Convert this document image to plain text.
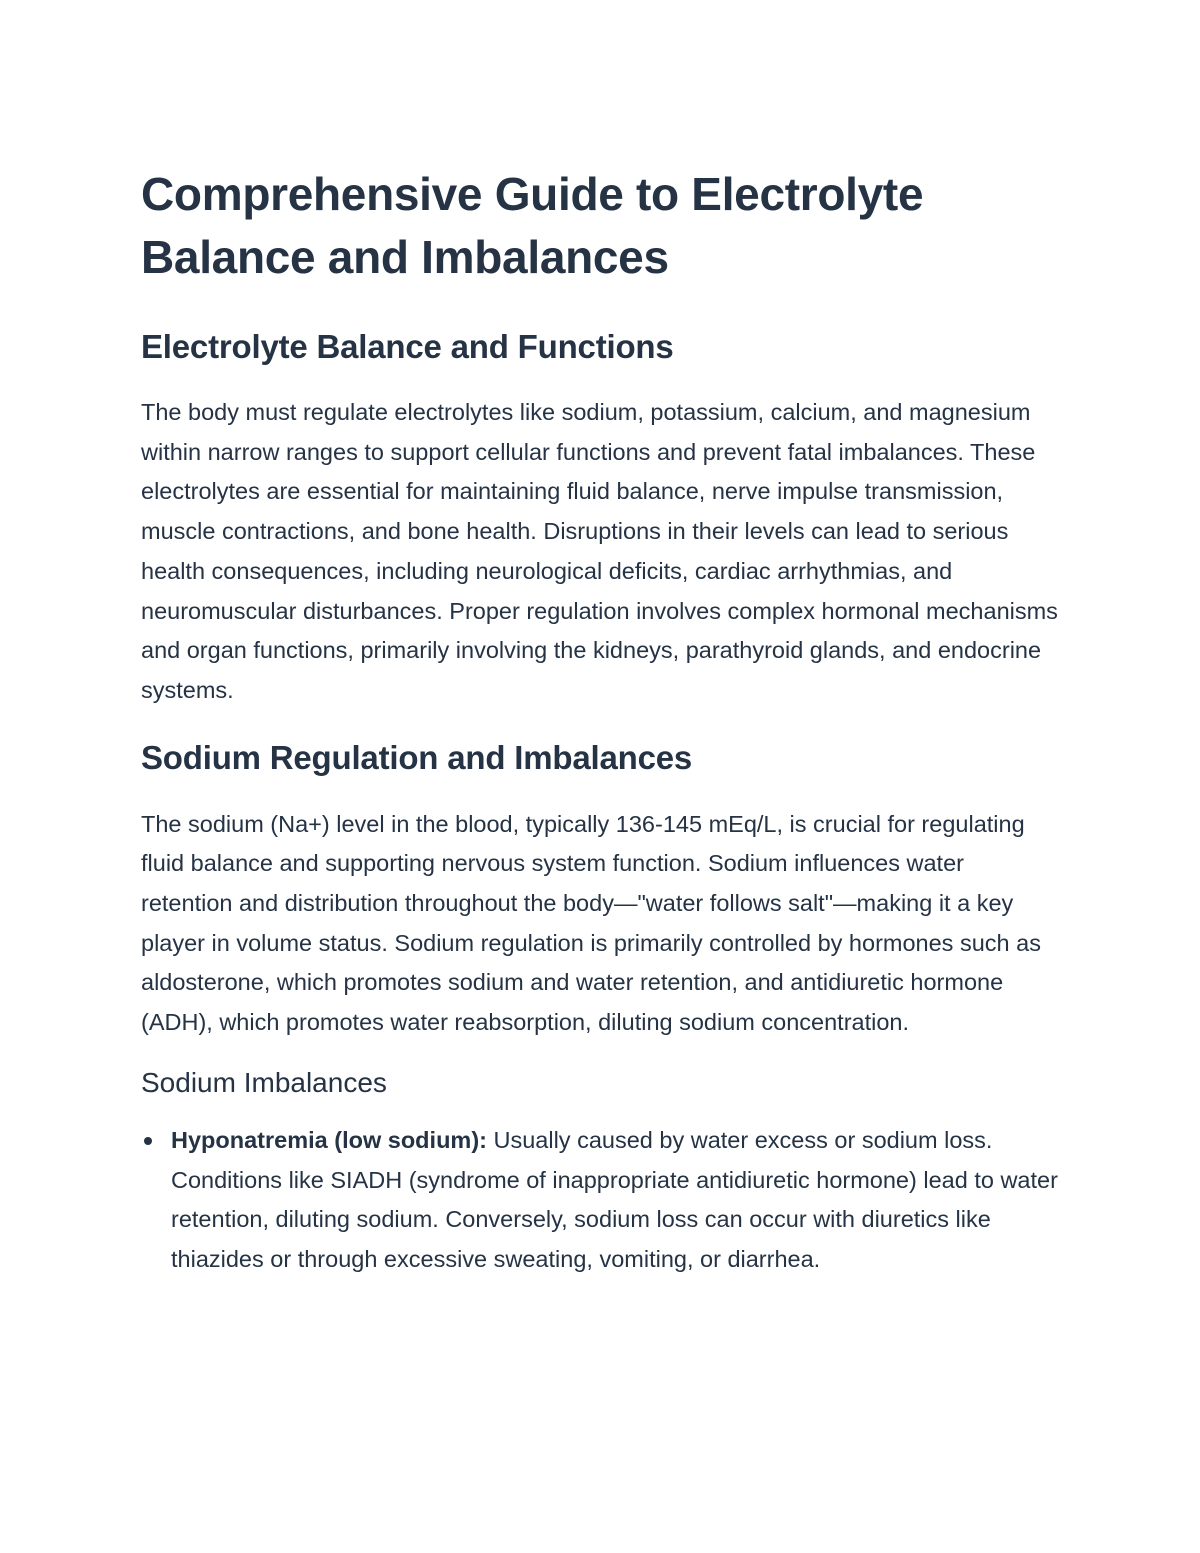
Comprehensive Guide to Electrolyte Balance and Imbalances
Electrolyte Balance and Functions

The body must regulate electrolytes like sodium, potassium, calcium, and magnesium within narrow ranges to support cellular functions and prevent fatal imbalances. These electrolytes are essential for maintaining fluid balance, nerve impulse transmission, muscle contractions, and bone health. Disruptions in their levels can lead to serious health consequences, including neurological deficits, cardiac arrhythmias, and neuromuscular disturbances. Proper regulation involves complex hormonal mechanisms and organ functions, primarily involving the kidneys, parathyroid glands, and endocrine systems.

Sodium Regulation and Imbalances

The sodium (Na+) level in the blood, typically 136-145 mEq/L, is crucial for regulating fluid balance and supporting nervous system function. Sodium influences water retention and distribution throughout the body—"water follows salt"—making it a key player in volume status. Sodium regulation is primarily controlled by hormones such as aldosterone, which promotes sodium and water retention, and antidiuretic hormone (ADH), which promotes water reabsorption, diluting sodium concentration.

Sodium Imbalances
Hyponatremia (low sodium): Usually caused by water excess or sodium loss. Conditions like SIADH (syndrome of inappropriate antidiuretic hormone) lead to water retention, diluting sodium. Conversely, sodium loss can occur with diuretics like thiazides or through excessive sweating, vomiting, or diarrhea.
